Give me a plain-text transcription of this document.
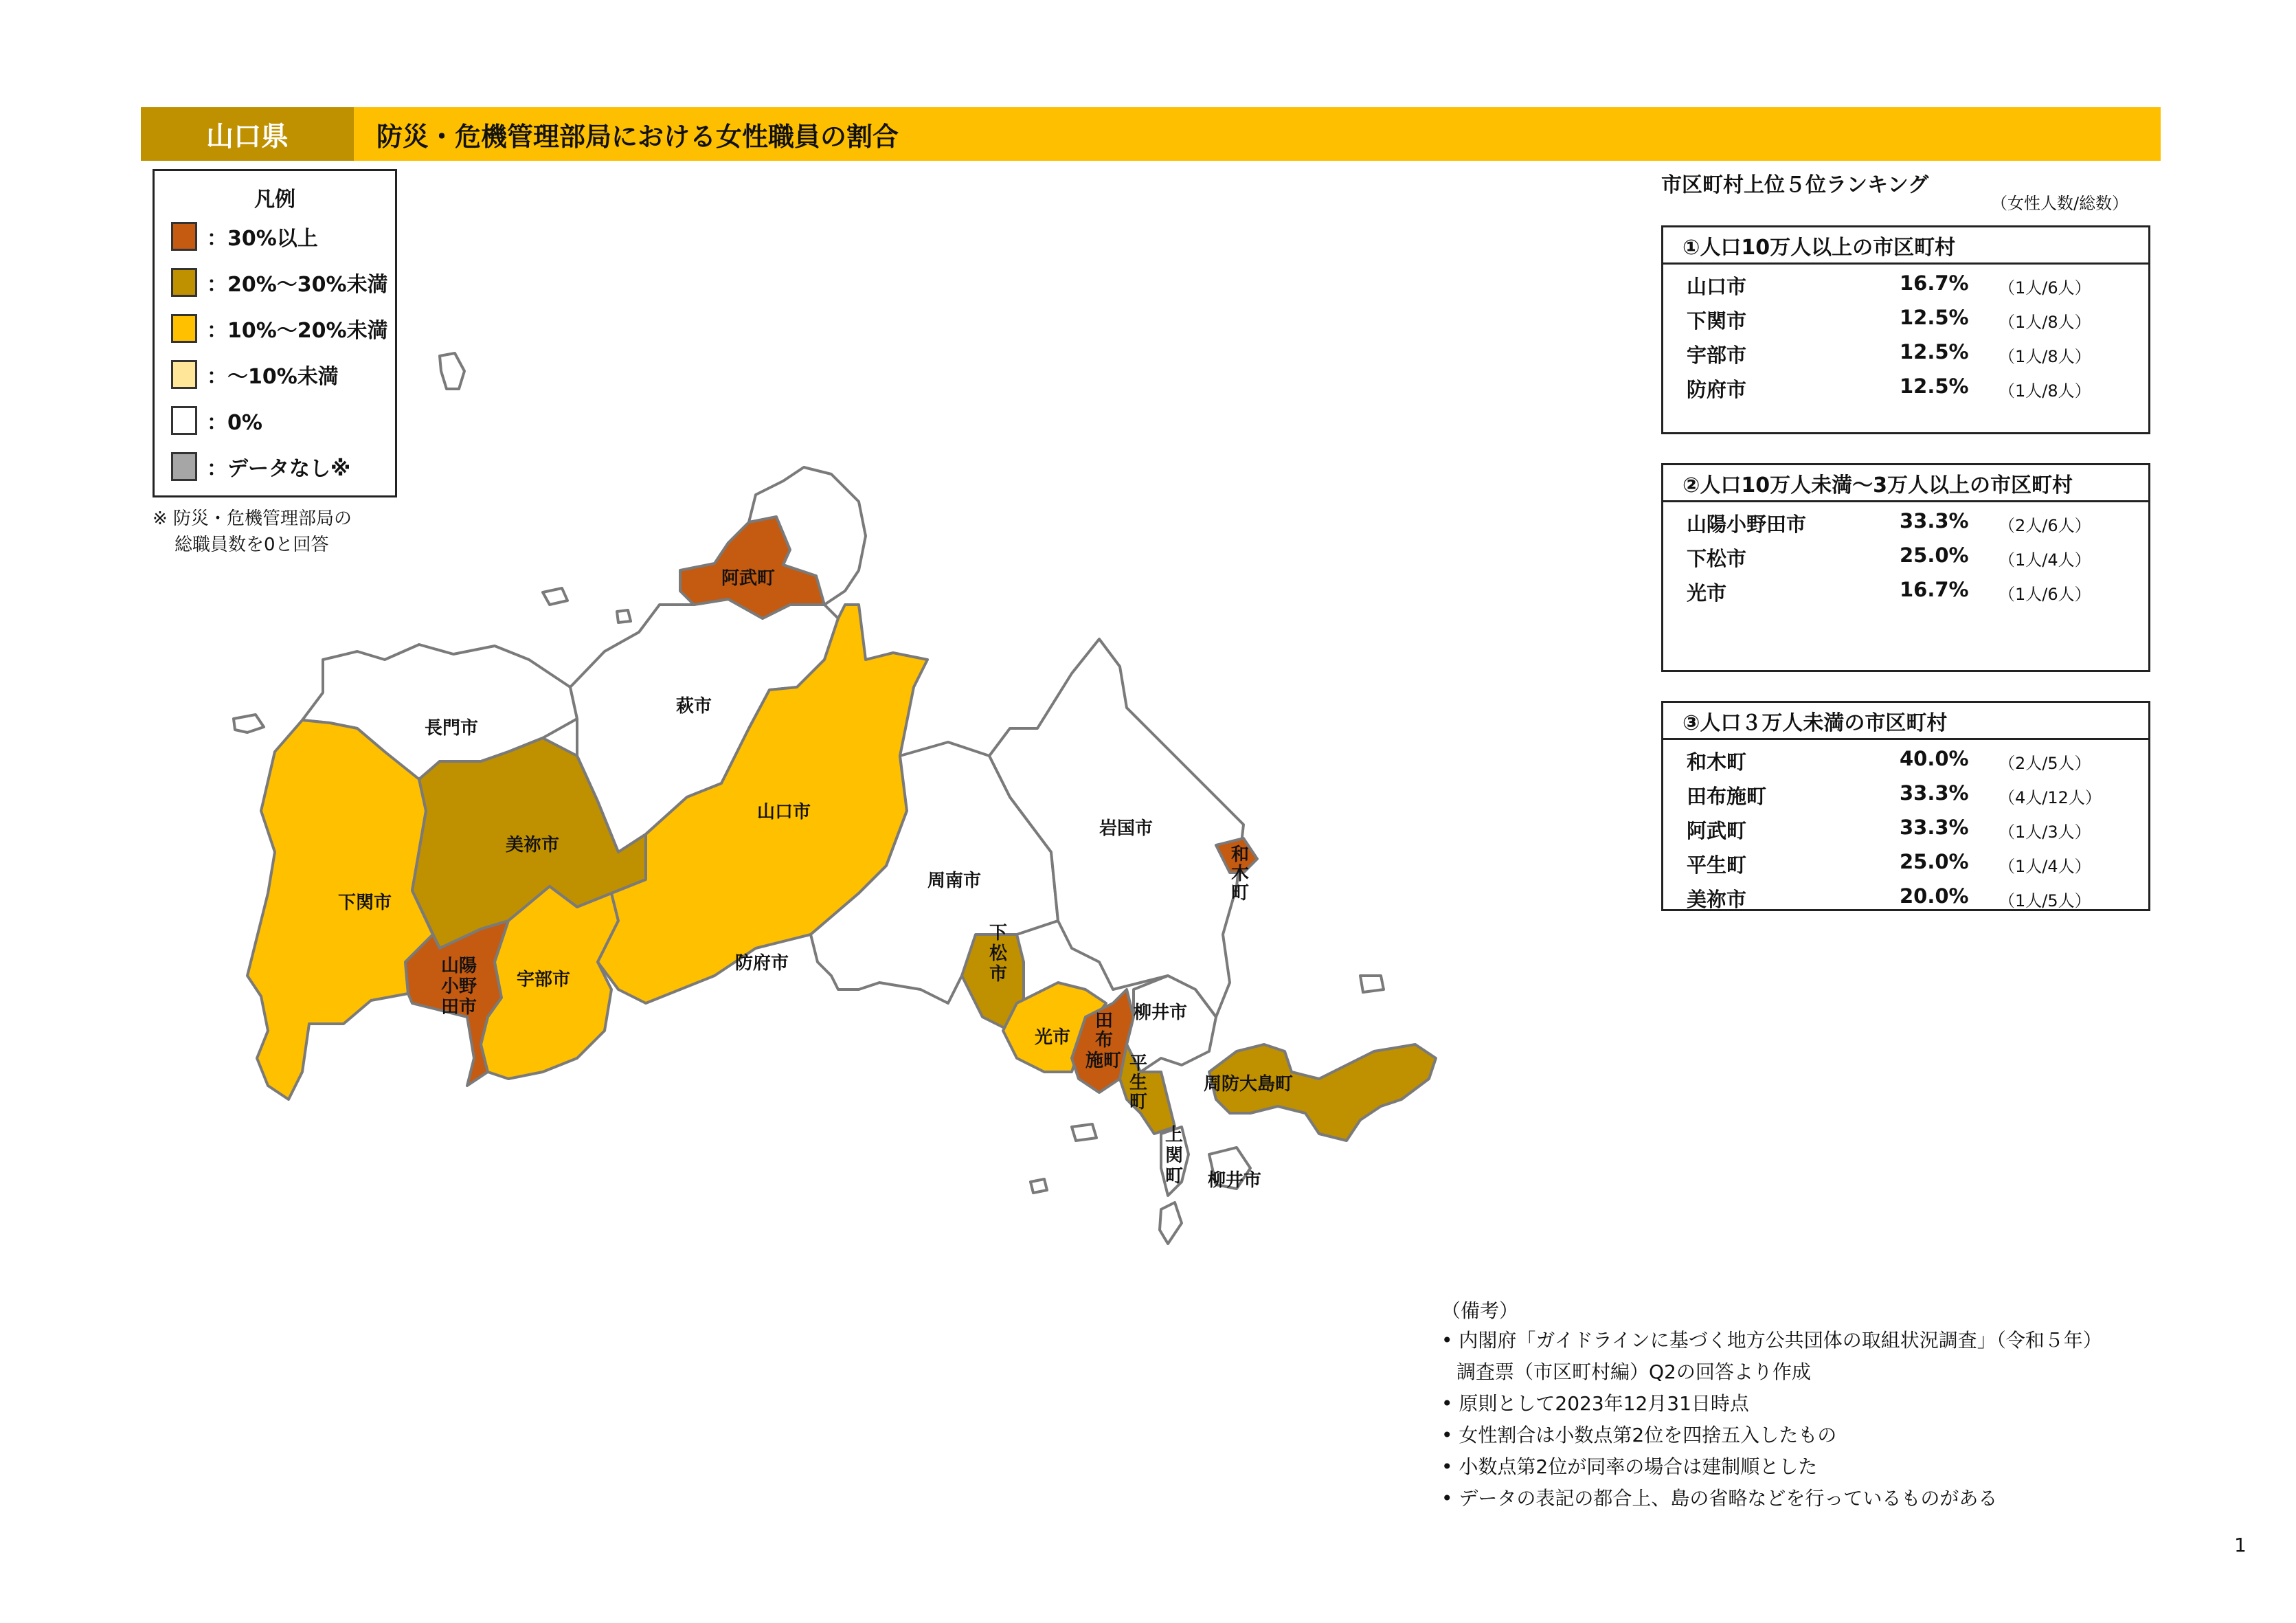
山口県	防災・危機管理部局における女性職員の割合
凡例
：30%以上
：20%～30%未満
：10%～20%未満
：～10%未満
：0%
：データなし※
※ 防災・危機管理部局の
総職員数を0と回答
長門市
萩市
阿武町
美祢市
下関市
山陽
小野
田市
宇部市
山口市
防府市
周南市
岩国市
和
木
町
下
松
市
光市
田
布
施町
柳井市
平
生
町
周防大島町
上
関
町 柳井市
市区町村上位５位ランキング
（女性人数/総数）
①人口10万人以上の市区町村
山口市	16.7% （1人/6人）
下関市	12.5% （1人/8人）
宇部市	12.5% （1人/8人）
防府市	12.5% （1人/8人）
②人口10万人未満～3万人以上の市区町村
山陽小野田市	33.3% （2人/6人）
下松市	25.0% （1人/4人）
光市	16.7% （1人/6人）
③人口３万人未満の市区町村
和木町	40.0% （2人/5人）
田布施町	33.3% （4人/12人）
阿武町	33.3% （1人/3人）
平生町	25.0% （1人/4人）
美祢市	20.0% （1人/5人）
（備考）
• 内閣府「ガイドラインに基づく地方公共団体の取組状況調査」（令和５年）
調査票（市区町村編）Q2の回答より作成
• 原則として2023年12月31日時点
• 女性割合は小数点第2位を四捨五入したもの
• 小数点第2位が同率の場合は建制順とした
• データの表記の都合上、島の省略などを行っているものがある
1
